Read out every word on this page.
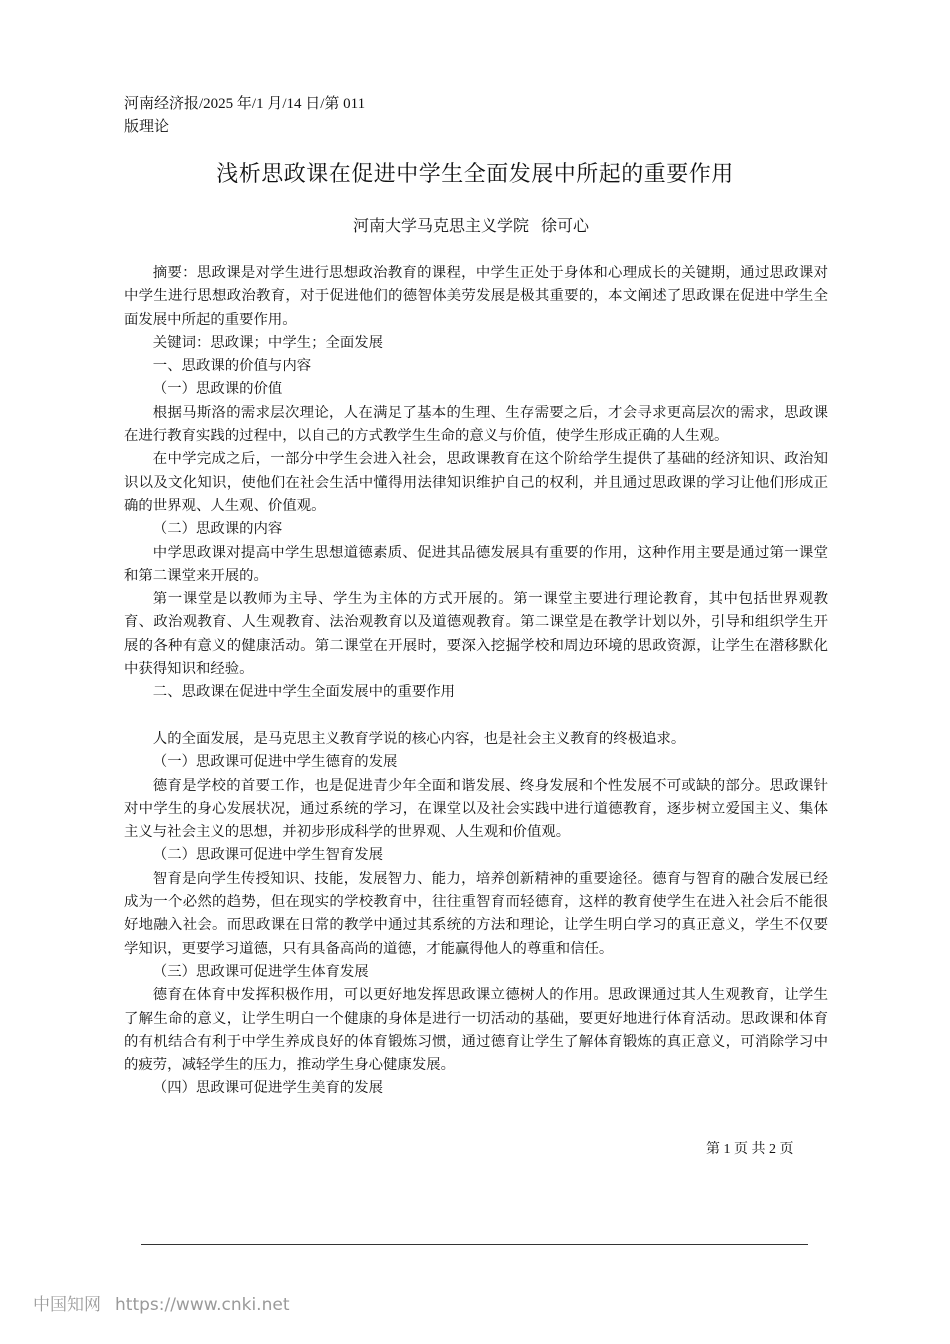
河南经济报/2025 年/1 月/14 日/第 011
版理论
浅析思政课在促进中学生全面发展中所起的重要作用
河南大学马克思主义学院 徐可心

摘要：思政课是对学生进行思想政治教育的课程，中学生正处于身体和心理成长的关键期，通过思政课对中学生进行思想政治教育，对于促进他们的德智体美劳发展是极其重要的，本文阐述了思政课在促进中学生全面发展中所起的重要作用。

关键词：思政课；中学生；全面发展

一、思政课的价值与内容

（一）思政课的价值

根据马斯洛的需求层次理论，人在满足了基本的生理、生存需要之后，才会寻求更高层次的需求，思政课在进行教育实践的过程中，以自己的方式教学生生命的意义与价值，使学生形成正确的人生观。

在中学完成之后，一部分中学生会进入社会，思政课教育在这个阶给学生提供了基础的经济知识、政治知识以及文化知识，使他们在社会生活中懂得用法律知识维护自己的权利，并且通过思政课的学习让他们形成正确的世界观、人生观、价值观。

（二）思政课的内容

中学思政课对提高中学生思想道德素质、促进其品德发展具有重要的作用，这种作用主要是通过第一课堂和第二课堂来开展的。

第一课堂是以教师为主导、学生为主体的方式开展的。第一课堂主要进行理论教育，其中包括世界观教育、政治观教育、人生观教育、法治观教育以及道德观教育。第二课堂是在教学计划以外，引导和组织学生开展的各种有意义的健康活动。第二课堂在开展时，要深入挖掘学校和周边环境的思政资源，让学生在潜移默化中获得知识和经验。

二、思政课在促进中学生全面发展中的重要作用

人的全面发展，是马克思主义教育学说的核心内容，也是社会主义教育的终极追求。

（一）思政课可促进中学生德育的发展

德育是学校的首要工作，也是促进青少年全面和谐发展、终身发展和个性发展不可或缺的部分。思政课针对中学生的身心发展状况，通过系统的学习，在课堂以及社会实践中进行道德教育，逐步树立爱国主义、集体主义与社会主义的思想，并初步形成科学的世界观、人生观和价值观。

（二）思政课可促进中学生智育发展

智育是向学生传授知识、技能，发展智力、能力，培养创新精神的重要途径。德育与智育的融合发展已经成为一个必然的趋势，但在现实的学校教育中，往往重智育而轻德育，这样的教育使学生在进入社会后不能很好地融入社会。而思政课在日常的教学中通过其系统的方法和理论，让学生明白学习的真正意义，学生不仅要学知识，更要学习道德，只有具备高尚的道德，才能赢得他人的尊重和信任。

（三）思政课可促进学生体育发展

德育在体育中发挥积极作用，可以更好地发挥思政课立德树人的作用。思政课通过其人生观教育，让学生了解生命的意义，让学生明白一个健康的身体是进行一切活动的基础，要更好地进行体育活动。思政课和体育的有机结合有利于中学生养成良好的体育锻炼习惯，通过德育让学生了解体育锻炼的真正意义，可消除学习中的疲劳，减轻学生的压力，推动学生身心健康发展。

（四）思政课可促进学生美育的发展

第 1 页 共 2 页
中国知网 https://www.cnki.net
